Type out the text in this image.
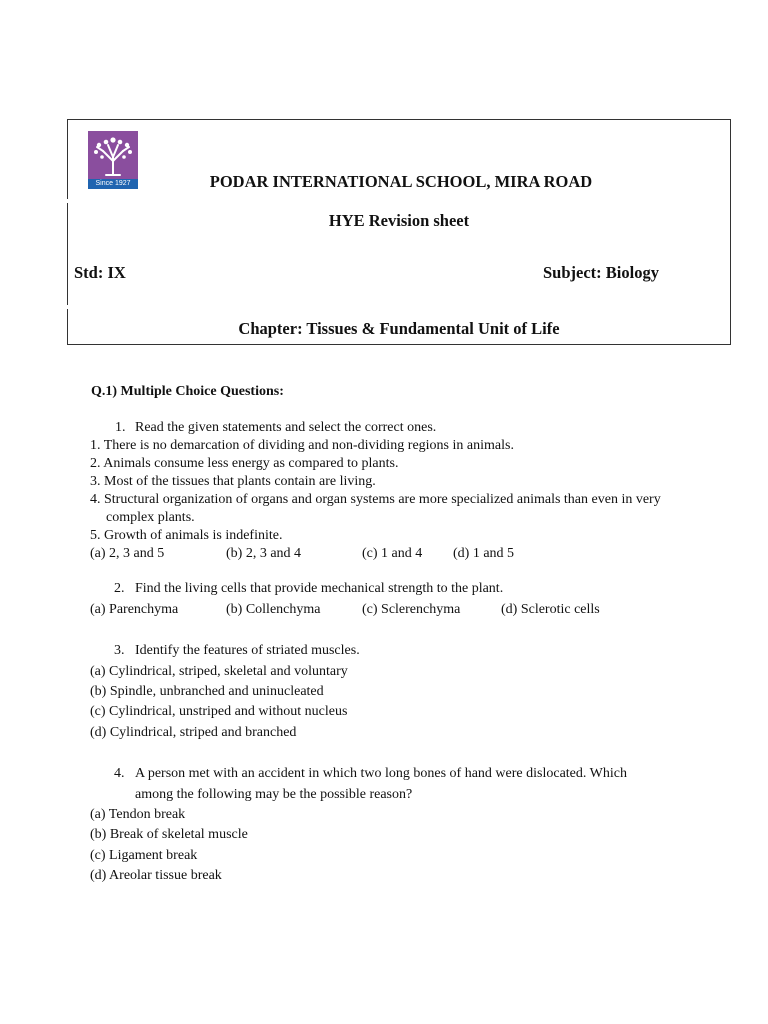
Since 1927	PODAR INTERNATIONAL SCHOOL, MIRA ROAD
HYE Revision sheet
Std: IX	Subject: Biology
Chapter: Tissues & Fundamental Unit of Life
Q.1) Multiple Choice Questions:
1. Read the given statements and select the correct ones.
1. There is no demarcation of dividing and non-dividing regions in animals.
2. Animals consume less energy as compared to plants.
3. Most of the tissues that plants contain are living.
4. Structural organization of organs and organ systems are more specialized animals than even in very
complex plants.
5. Growth of animals is indefinite.
(a) 2, 3 and 5	(b) 2, 3 and 4	(c) 1 and 4 (d) 1 and 5
2. Find the living cells that provide mechanical strength to the plant.
(a) Parenchyma	(b) Collenchyma	(c) Sclerenchyma	(d) Sclerotic cells
3. Identify the features of striated muscles.
(a) Cylindrical, striped, skeletal and voluntary
(b) Spindle, unbranched and uninucleated
(c) Cylindrical, unstriped and without nucleus
(d) Cylindrical, striped and branched
4. A person met with an accident in which two long bones of hand were dislocated. Which
among the following may be the possible reason?
(a) Tendon break
(b) Break of skeletal muscle
(c) Ligament break
(d) Areolar tissue break
